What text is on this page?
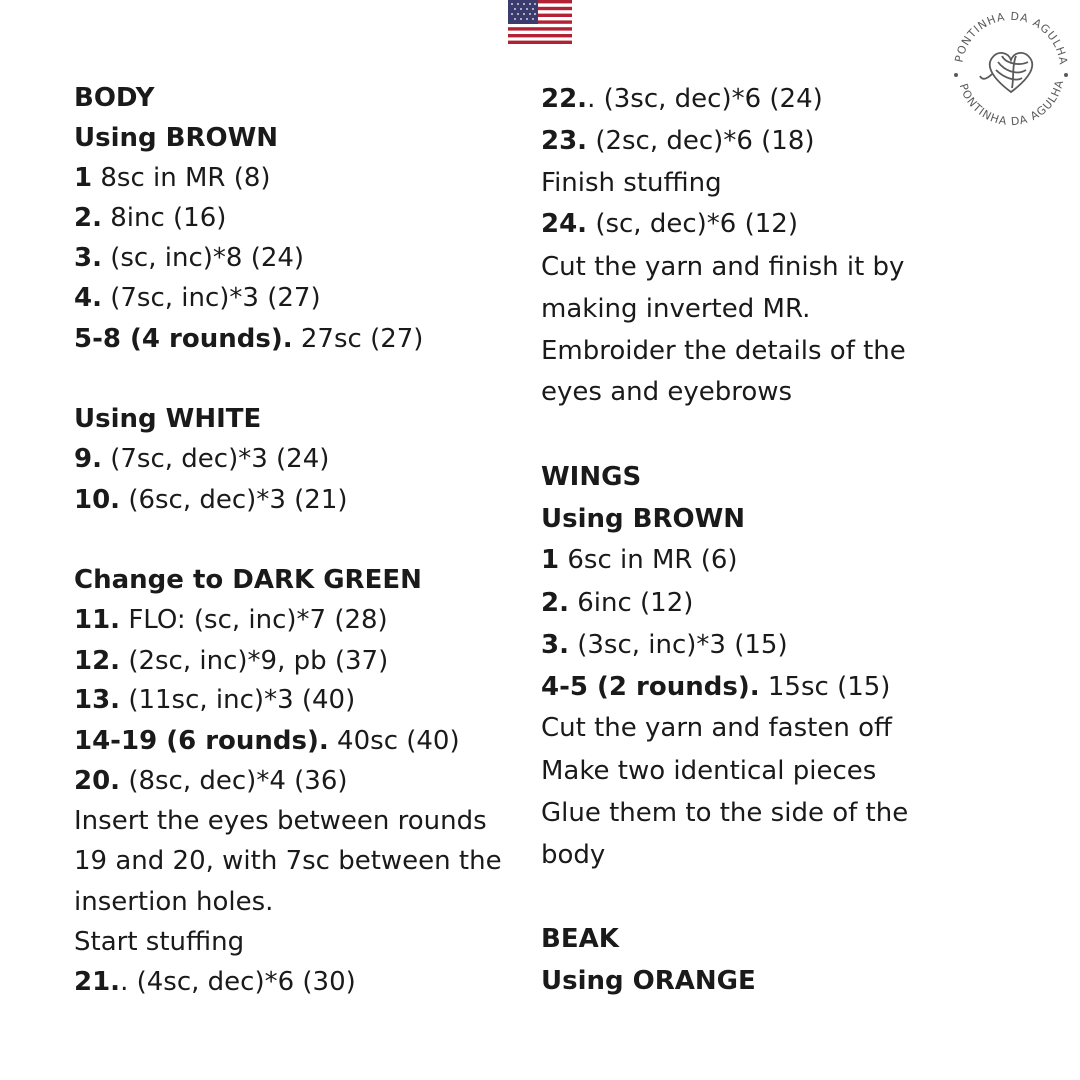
PONTINHA DA AGULHA
PONTINHA DA AGULHA
BODY
Using BROWN
1 8sc in MR (8)
2. 8inc (16)
3. (sc, inc)*8 (24)
4. (7sc, inc)*3 (27)
5-8 (4 rounds). 27sc (27)
Using WHITE
9. (7sc, dec)*3 (24)
10. (6sc, dec)*3 (21)
Change to DARK GREEN
11. FLO: (sc, inc)*7 (28)
12. (2sc, inc)*9, pb (37)
13. (11sc, inc)*3 (40)
14-19 (6 rounds). 40sc (40)
20. (8sc, dec)*4 (36)
Insert the eyes between rounds
19 and 20, with 7sc between the
insertion holes.
Start stuffing
21.. (4sc, dec)*6 (30)
22.. (3sc, dec)*6 (24)
23. (2sc, dec)*6 (18)
Finish stuffing
24. (sc, dec)*6 (12)
Cut the yarn and finish it by
making inverted MR.
Embroider the details of the
eyes and eyebrows
WINGS
Using BROWN
1 6sc in MR (6)
2. 6inc (12)
3. (3sc, inc)*3 (15)
4-5 (2 rounds). 15sc (15)
Cut the yarn and fasten off
Make two identical pieces
Glue them to the side of the
body
BEAK
Using ORANGE
